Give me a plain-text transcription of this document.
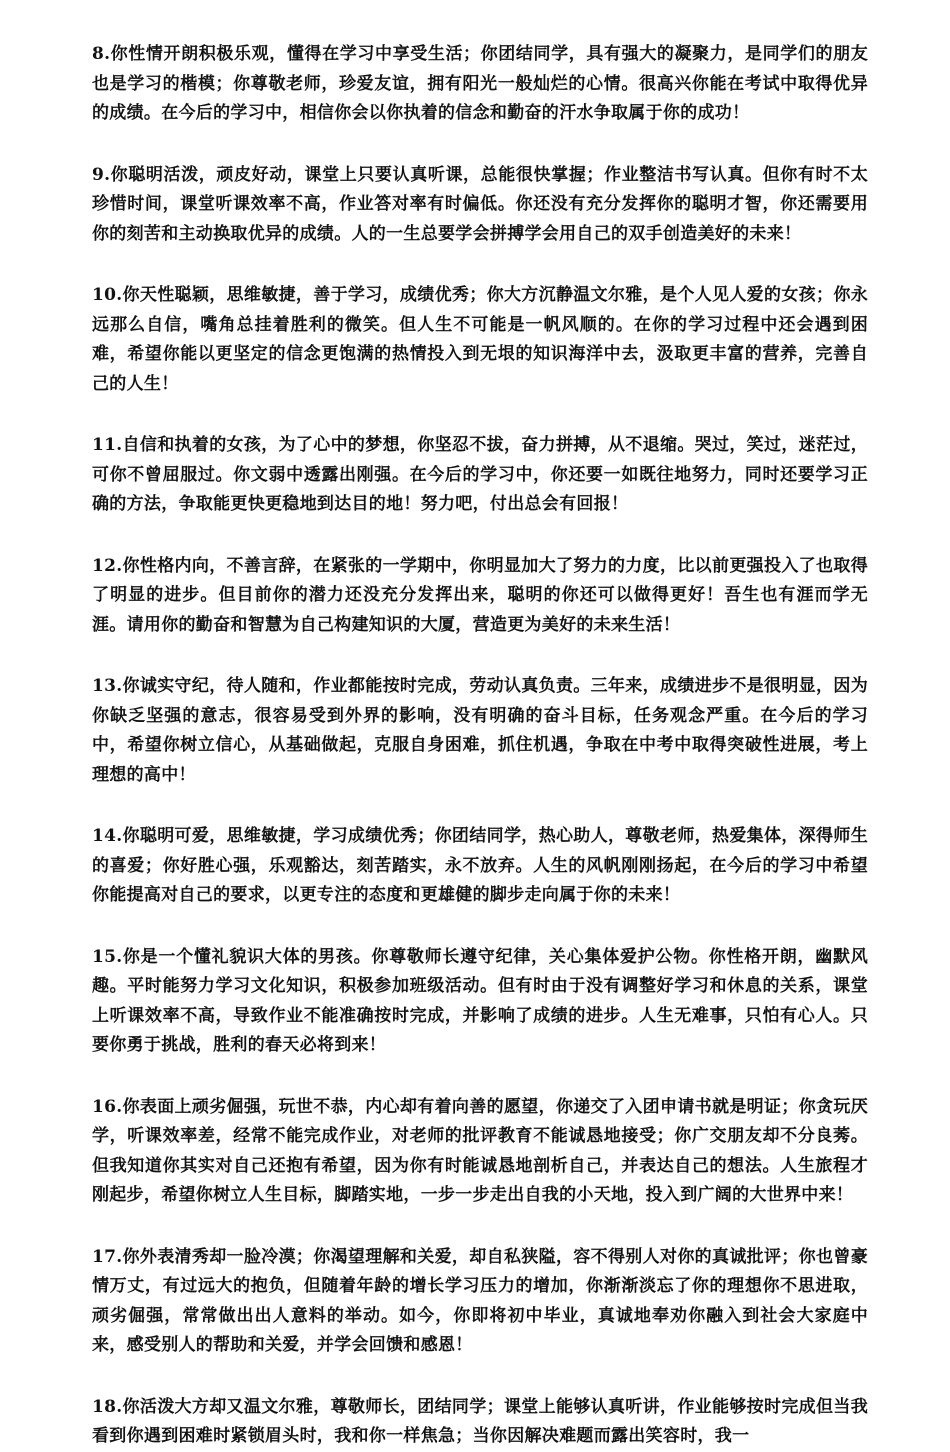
8.你性情开朗积极乐观，懂得在学习中享受生活；你团结同学，具有强大的凝聚力，是同学们的朋友也是学习的楷模；你尊敬老师，珍爱友谊，拥有阳光一般灿烂的心情。很高兴你能在考试中取得优异的成绩。在今后的学习中，相信你会以你执着的信念和勤奋的汗水争取属于你的成功！

9.你聪明活泼，顽皮好动，课堂上只要认真听课，总能很快掌握；作业整洁书写认真。但你有时不太珍惜时间，课堂听课效率不高，作业答对率有时偏低。你还没有充分发挥你的聪明才智，你还需要用你的刻苦和主动换取优异的成绩。人的一生总要学会拼搏学会用自己的双手创造美好的未来！

10.你天性聪颖，思维敏捷，善于学习，成绩优秀；你大方沉静温文尔雅，是个人见人爱的女孩；你永远那么自信，嘴角总挂着胜利的微笑。但人生不可能是一帆风顺的。在你的学习过程中还会遇到困难，希望你能以更坚定的信念更饱满的热情投入到无垠的知识海洋中去，汲取更丰富的营养，完善自己的人生！

11.自信和执着的女孩，为了心中的梦想，你坚忍不拔，奋力拼搏，从不退缩。哭过，笑过，迷茫过，可你不曾屈服过。你文弱中透露出刚强。在今后的学习中，你还要一如既往地努力，同时还要学习正确的方法，争取能更快更稳地到达目的地！努力吧，付出总会有回报！

12.你性格内向，不善言辞，在紧张的一学期中，你明显加大了努力的力度，比以前更强投入了也取得了明显的进步。但目前你的潜力还没充分发挥出来，聪明的你还可以做得更好！吾生也有涯而学无涯。请用你的勤奋和智慧为自己构建知识的大厦，营造更为美好的未来生活！

13.你诚实守纪，待人随和，作业都能按时完成，劳动认真负责。三年来，成绩进步不是很明显，因为你缺乏坚强的意志，很容易受到外界的影响，没有明确的奋斗目标，任务观念严重。在今后的学习中，希望你树立信心，从基础做起，克服自身困难，抓住机遇，争取在中考中取得突破性进展，考上理想的高中！

14.你聪明可爱，思维敏捷，学习成绩优秀；你团结同学，热心助人，尊敬老师，热爱集体，深得师生的喜爱；你好胜心强，乐观豁达，刻苦踏实，永不放弃。人生的风帆刚刚扬起，在今后的学习中希望你能提高对自己的要求，以更专注的态度和更雄健的脚步走向属于你的未来！

15.你是一个懂礼貌识大体的男孩。你尊敬师长遵守纪律，关心集体爱护公物。你性格开朗，幽默风趣。平时能努力学习文化知识，积极参加班级活动。但有时由于没有调整好学习和休息的关系，课堂上听课效率不高，导致作业不能准确按时完成，并影响了成绩的进步。人生无难事，只怕有心人。只要你勇于挑战，胜利的春天必将到来！

16.你表面上顽劣倔强，玩世不恭，内心却有着向善的愿望，你递交了入团申请书就是明证；你贪玩厌学，听课效率差，经常不能完成作业，对老师的批评教育不能诚恳地接受；你广交朋友却不分良莠。但我知道你其实对自己还抱有希望，因为你有时能诚恳地剖析自己，并表达自己的想法。人生旅程才刚起步，希望你树立人生目标，脚踏实地，一步一步走出自我的小天地，投入到广阔的大世界中来！

17.你外表清秀却一脸冷漠；你渴望理解和关爱，却自私狭隘，容不得别人对你的真诚批评；你也曾豪情万丈，有过远大的抱负，但随着年龄的增长学习压力的增加，你渐渐淡忘了你的理想你不思进取，顽劣倔强，常常做出出人意料的举动。如今，你即将初中毕业，真诚地奉劝你融入到社会大家庭中来，感受别人的帮助和关爱，并学会回馈和感恩！

18.你活泼大方却又温文尔雅，尊敬师长，团结同学；课堂上能够认真听讲，作业能够按时完成但当我看到你遇到困难时紧锁眉头时，我和你一样焦急；当你因解决难题而露出笑容时，我一
